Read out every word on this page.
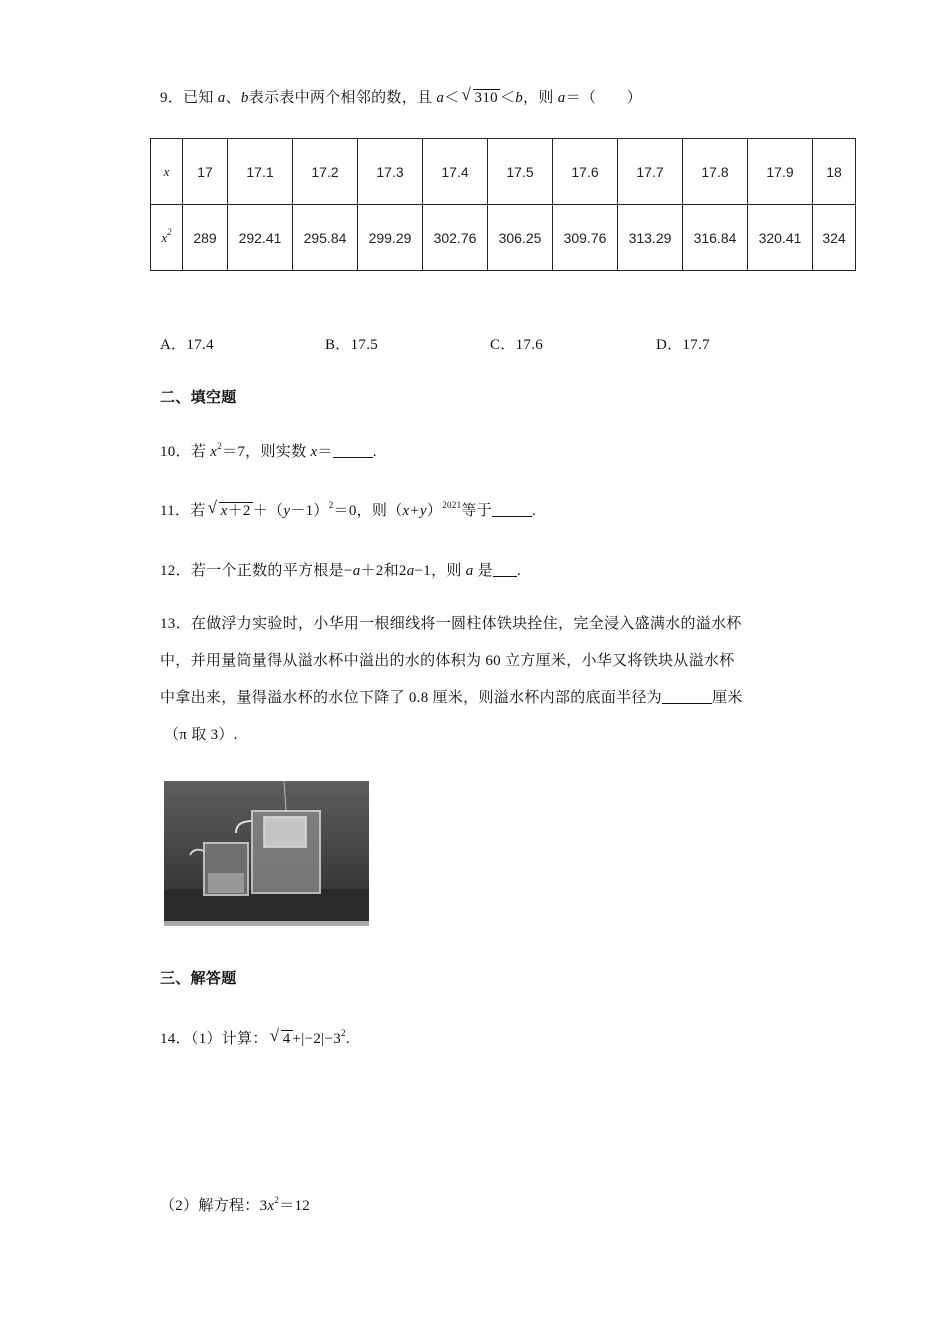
9．已知 a、b表示表中两个相邻的数，且 a＜ √ 310 ＜b，则 a＝（　　）
x	17	17.1	17.2	17.3	17.4	17.5	17.6	17.7	17.8	17.9	18
$x^2$	289	292.41	295.84	299.29	302.76	306.25	309.76	313.29	316.84	320.41	324
A．17.4	B．17.5	C．17.6	D．17.7
二、填空题
10．若 $x^2=7$，则实数 x＝	.
11．若 √ $x+2 +(y-1)^2=0$，则$(x+y)^{2021}$等于	.
12．若一个正数的平方根是−a＋2和2a−1，则 a 是 .
13．在做浮力实验时，小华用一根细线将一圆柱体铁块拴住，完全浸入盛满水的溢水杯
中，并用量筒量得从溢水杯中溢出的水的体积为 60 立方厘米，小华又将铁块从溢水杯
中拿出来，量得溢水杯的水位下降了 0.8 厘米，则溢水杯内部的底面半径为	厘米
（π 取 3）.
三、解答题
14．（1）计算： √ $4 +|-2|-3^2$.
（2）解方程：$3x^2=12$
